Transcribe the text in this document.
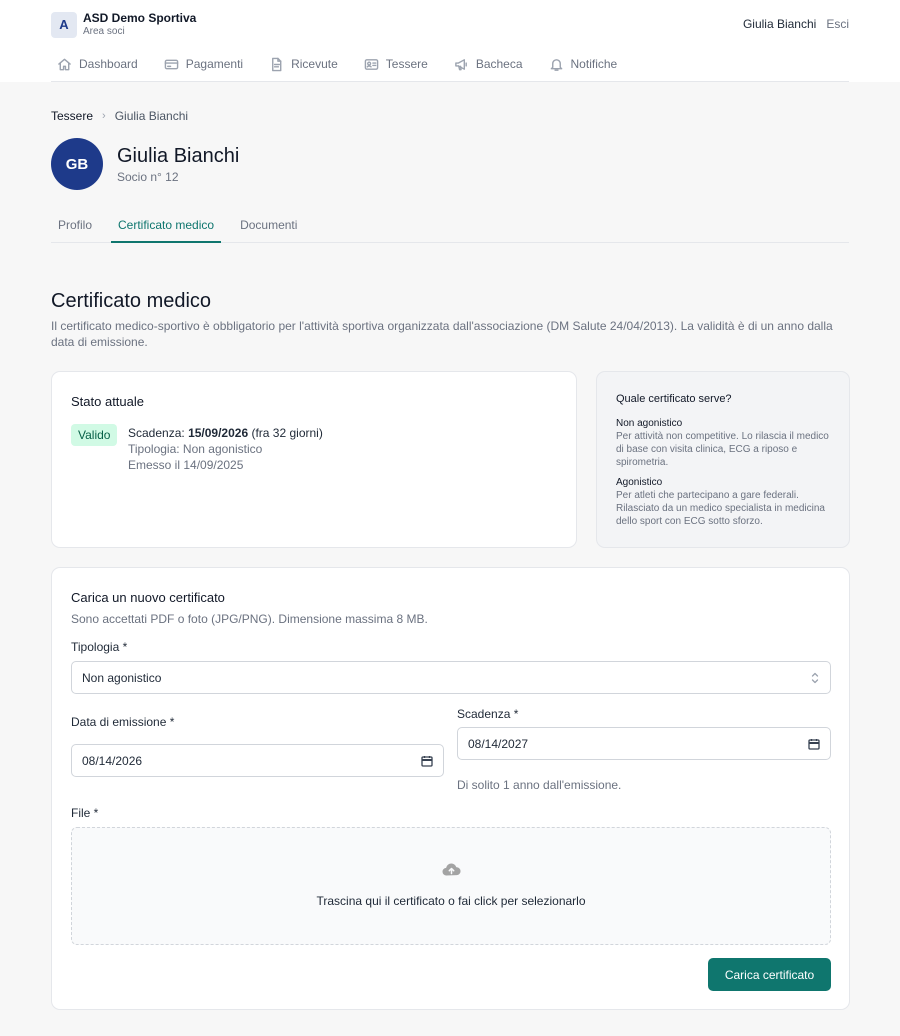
A	ASD Demo Sportiva
Area soci
Giulia Bianchi Esci
Dashboard	Pagamenti	Ricevute	Tessere	Bacheca	Notifiche
Tessere › Giulia Bianchi
GB	Giulia Bianchi
Socio n° 12
Profilo	Certificato medico	Documenti
Certificato medico
Il certificato medico-sportivo è obbligatorio per l'attività sportiva organizzata dall'associazione (DM Salute 24/04/2013). La validità è di un anno dalla data di emissione.
Stato attuale
Valido	Scadenza: 15/09/2026 (fra 32 giorni)
Tipologia: Non agonistico
Emesso il 14/09/2025
Quale certificato serve?
Non agonistico
Per attività non competitive. Lo rilascia il medico di base con visita clinica, ECG a riposo e spirometria.
Agonistico
Per atleti che partecipano a gare federali. Rilasciato da un medico specialista in medicina dello sport con ECG sotto sforzo.
Carica un nuovo certificato
Sono accettati PDF o foto (JPG/PNG). Dimensione massima 8 MB.
Tipologia *
Non agonistico
Data di emissione *
08/14/2026
Scadenza *
08/14/2027
Di solito 1 anno dall'emissione.
File *
Trascina qui il certificato o fai click per selezionarlo
Carica certificato
